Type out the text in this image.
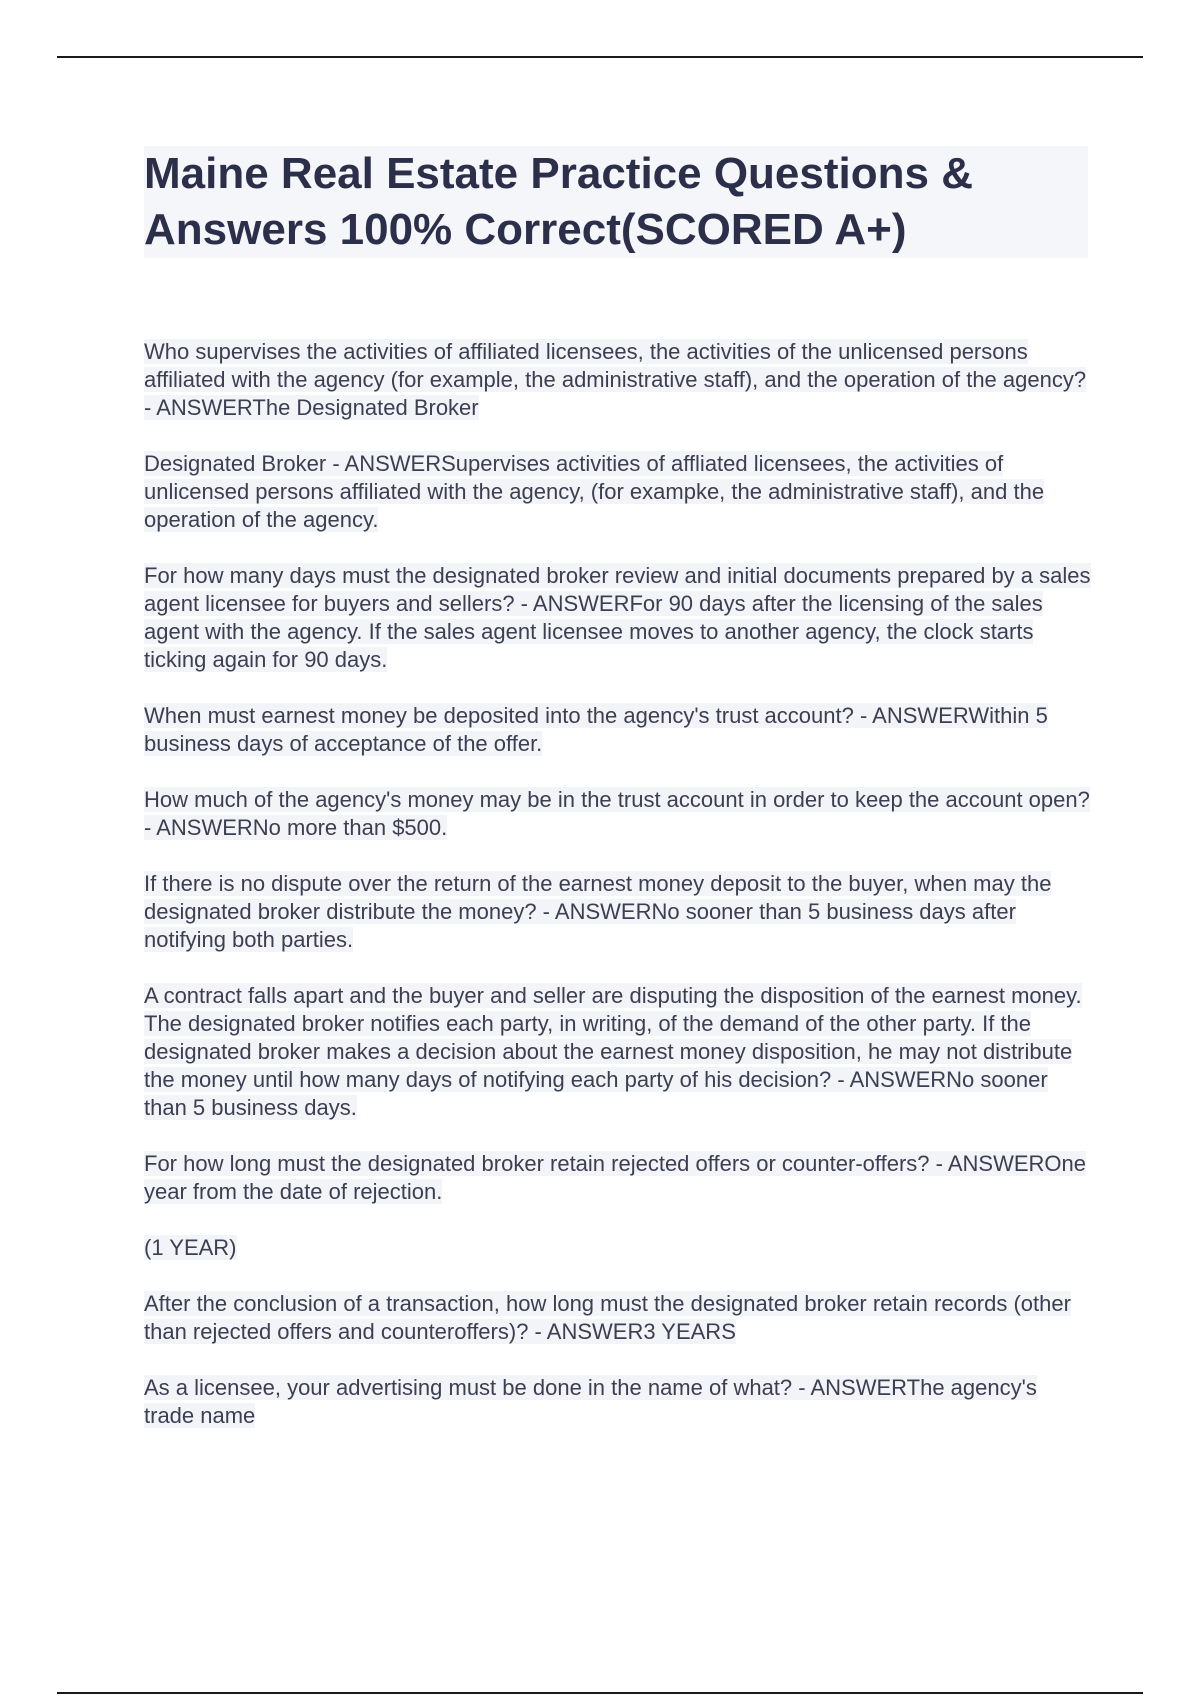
Maine Real Estate Practice Questions & Answers 100% Correct(SCORED A+)

Who supervises the activities of affiliated licensees, the activities of the unlicensed persons affiliated with the agency (for example, the administrative staff), and the operation of the agency? - ANSWERThe Designated Broker

Designated Broker - ANSWERSupervises activities of affliated licensees, the activities of unlicensed persons affiliated with the agency, (for exampke, the administrative staff), and the operation of the agency.

For how many days must the designated broker review and initial documents prepared by a sales agent licensee for buyers and sellers? - ANSWERFor 90 days after the licensing of the sales agent with the agency. If the sales agent licensee moves to another agency, the clock starts ticking again for 90 days.

When must earnest money be deposited into the agency's trust account? - ANSWERWithin 5 business days of acceptance of the offer.

How much of the agency's money may be in the trust account in order to keep the account open? - ANSWERNo more than $500.

If there is no dispute over the return of the earnest money deposit to the buyer, when may the designated broker distribute the money? - ANSWERNo sooner than 5 business days after notifying both parties.

A contract falls apart and the buyer and seller are disputing the disposition of the earnest money. The designated broker notifies each party, in writing, of the demand of the other party. If the designated broker makes a decision about the earnest money disposition, he may not distribute the money until how many days of notifying each party of his decision? - ANSWERNo sooner than 5 business days.

For how long must the designated broker retain rejected offers or counter-offers? - ANSWEROne year from the date of rejection.

(1 YEAR)

After the conclusion of a transaction, how long must the designated broker retain records (other than rejected offers and counteroffers)? - ANSWER3 YEARS

As a licensee, your advertising must be done in the name of what? - ANSWERThe agency's trade name
